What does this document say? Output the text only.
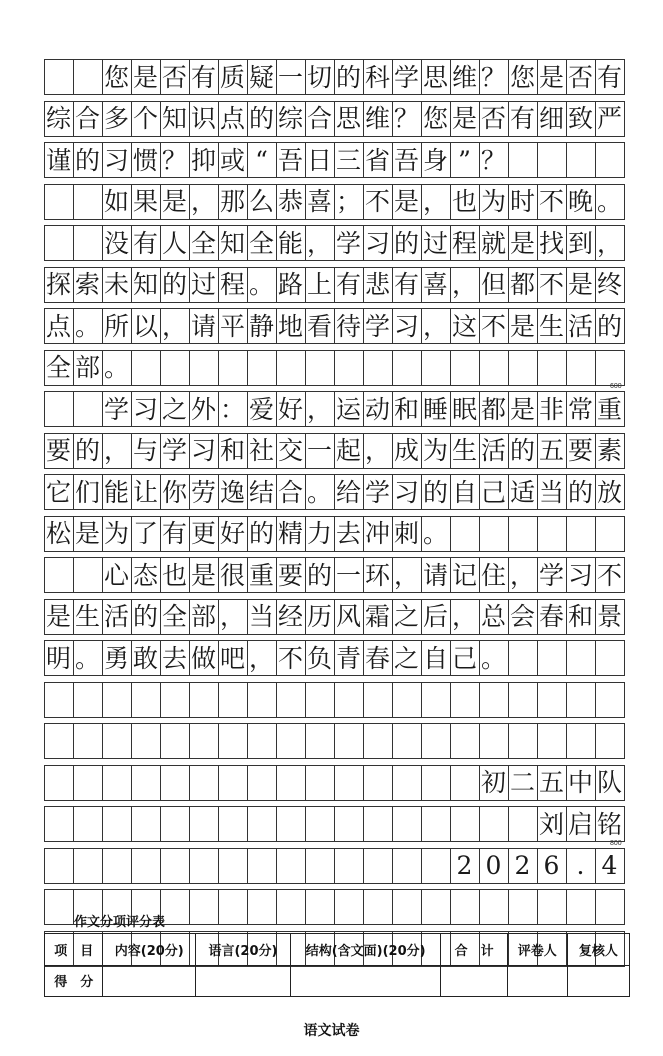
您 是 否 有 质 疑 一 切 的 科 学 思 维 ？ 您 是 否 有
综 合 多 个 知 识 点 的 综 合 思 维 ？ 您 是 否 有 细 致 严
谨 的 习 惯 ？ 抑 或 “ 吾 日 三 省 吾 身 ” ？
如 果 是 ， 那 么 恭 喜 ； 不 是 ， 也 为 时 不 晚 。
没 有 人 全 知 全 能 ， 学 习 的 过 程 就 是 找 到 ，
探 索 未 知 的 过 程 。 路 上 有 悲 有 喜 ， 但 都 不 是 终
点 。 所 以 ， 请 平 静 地 看 待 学 习 ， 这 不 是 生 活 的
全 部 。
学 习 之 外 ： 爱 好 ， 运 动 和 睡 眠 都 是 非 常 重
要 的 ， 与 学 习 和 社 交 一 起 ， 成 为 生 活 的 五 要 素
它 们 能 让 你 劳 逸 结 合 。 给 学 习 的 自 己 适 当 的 放
松 是 为 了 有 更 好 的 精 力 去 冲 刺 。
心 态 也 是 很 重 要 的 一 环 ， 请 记 住 ， 学 习 不
是 生 活 的 全 部 ， 当 经 历 风 霜 之 后 ， 总 会 春 和 景
明 。 勇 敢 去 做 吧 ， 不 负 青 春 之 自 己 。
初 二 五 中 队
刘 启 铭
2 0 2 6 . 4
600
800
作文分项评分表
项　目	内容(20分)	语言(20分)	结构(含文面)(20分)	合　计	评卷人	复核人
得　分						
语文试卷
